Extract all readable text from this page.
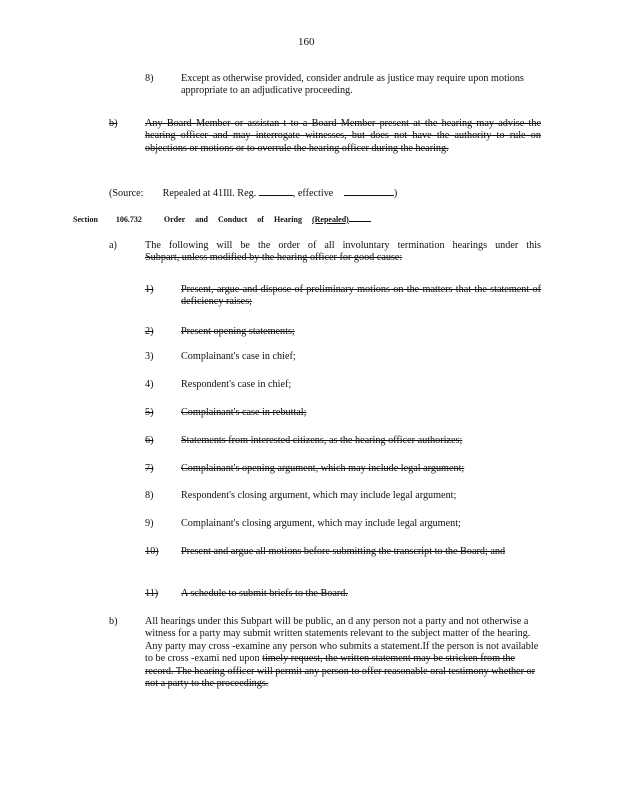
160
8)	Except as otherwise provided, consider andrule as justice may require upon motions appropriate to an adjudicative proceeding.
b)	Any Board Member or assistan t to a Board Member present at the hearing may advise the hearing officer and may interrogate witnesses, but does not have the authority to rule on objections or motions or to overrule the hearing officer during the hearing.
(Source: Repealed at 41Ill. Reg.	, effective	)
Section 106.732	Order and Conduct of Hearing (Repealed)
a)	The following will be the order of all involuntary termination hearings under this
Subpart, unless modified by the hearing officer for good cause:
1)	Present, argue and dispose of preliminary motions on the matters that the statement of deficiency raises;
2)	Present opening statements;
3)	Complainant's case in chief;
4)	Respondent's case in chief;
5)	Complainant's case in rebuttal;
6)	Statements from interested citizens, as the hearing officer authorizes;
7)	Complainant's opening argument, which may include legal argument;
8)	Respondent's closing argument, which may include legal argument;
9)	Complainant's closing argument, which may include legal argument;
10) Present and argue all motions before submitting the transcript to the Board; and
11) A schedule to submit briefs to the Board.
b)	All hearings under this Subpart will be public, an d any person not a party and not otherwise a witness for a party may submit written statements relevant to the subject matter of the hearing. Any party may cross -examine any person who submits a statement.If the person is not available to be cross -exami ned upon timely request, the written statement may be stricken from the record. The hearing officer will permit any person to offer reasonable oral testimony whether or not a party to the proceedings.
